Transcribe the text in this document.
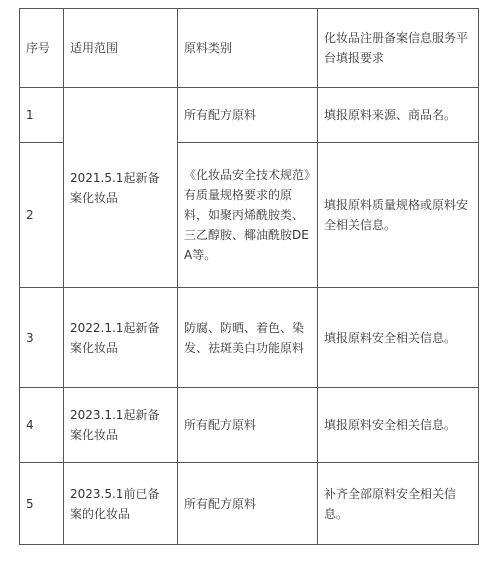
序号	适用范围	原料类别	化妆品注册备案信息服务平台填报要求
1	2021.5.1起新备案化妆品	所有配方原料	填报原料来源、商品名。
2		《化妆品安全技术规范》有质量规格要求的原料，如聚丙烯酰胺类、三乙醇胺、椰油酰胺DEA等。	填报原料质量规格或原料安全相关信息。
3	2022.1.1起新备案化妆品	防腐、防晒、着色、染发、祛斑美白功能原料	填报原料安全相关信息。
4	2023.1.1起新备案化妆品	所有配方原料	填报原料安全相关信息。
5	2023.5.1前已备案的化妆品	所有配方原料	补齐全部原料安全相关信息。
